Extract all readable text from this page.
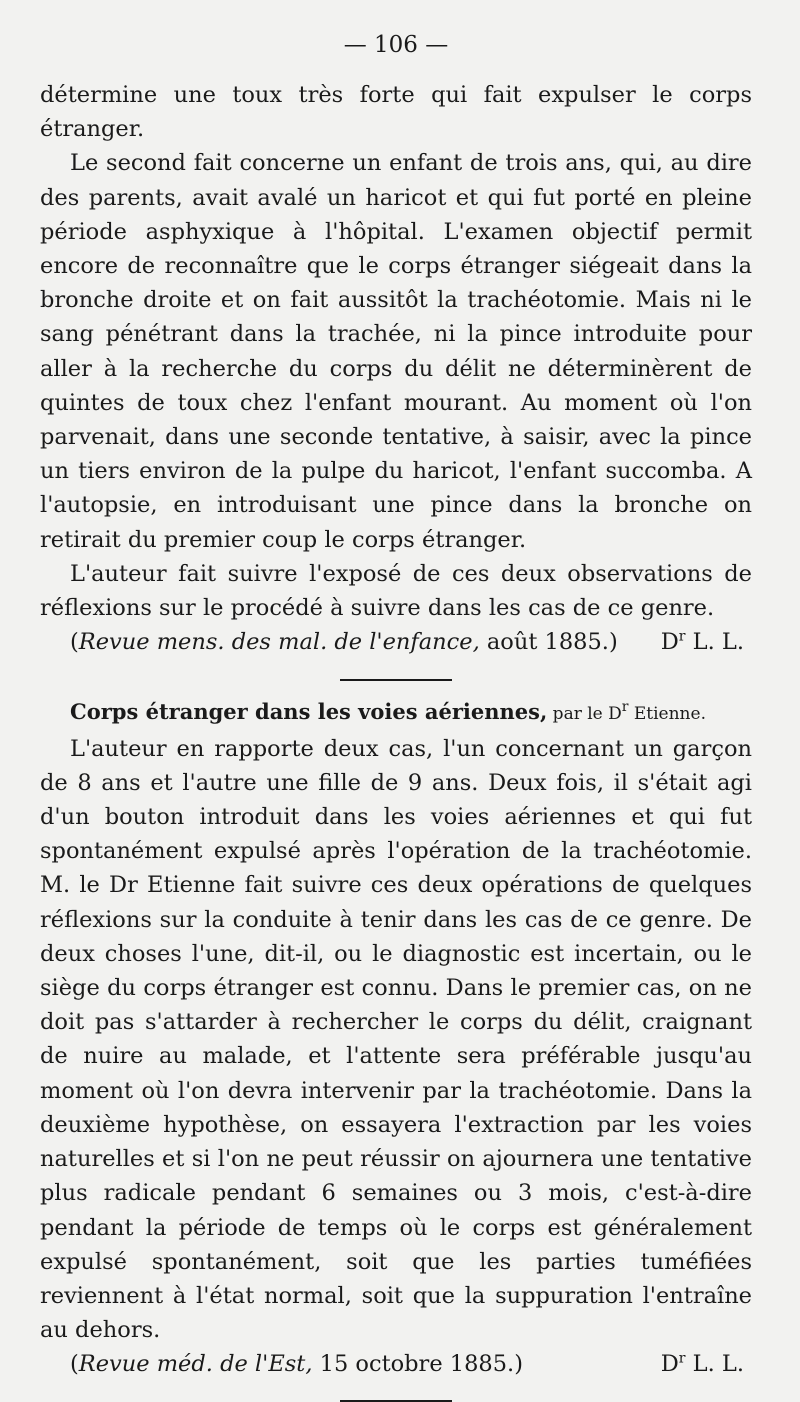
— 106 —

détermine une toux très forte qui fait expulser le corps étranger.

Le second fait concerne un enfant de trois ans, qui, au dire des parents, avait avalé un haricot et qui fut porté en pleine période asphyxique à l'hôpital. L'examen objectif permit encore de reconnaître que le corps étranger siégeait dans la bronche droite et on fait aussitôt la trachéotomie. Mais ni le sang pénétrant dans la trachée, ni la pince introduite pour aller à la recherche du corps du délit ne déterminèrent de quintes de toux chez l'enfant mourant. Au moment où l'on parvenait, dans une seconde tentative, à saisir, avec la pince un tiers environ de la pulpe du haricot, l'enfant succomba. A l'autopsie, en introduisant une pince dans la bronche on retirait du premier coup le corps étranger.

L'auteur fait suivre l'exposé de ces deux observations de réflexions sur le procédé à suivre dans les cas de ce genre.

(Revue mens. des mal. de l'enfance, août 1885.)	$D^r$ L. L.

Corps étranger dans les voies aériennes, par le $D^r$ Etienne.

L'auteur en rapporte deux cas, l'un concernant un garçon de 8 ans et l'autre une fille de 9 ans. Deux fois, il s'était agi d'un bouton introduit dans les voies aériennes et qui fut spontanément expulsé après l'opération de la trachéotomie. M. le Dr Etienne fait suivre ces deux opérations de quelques réflexions sur la conduite à tenir dans les cas de ce genre. De deux choses l'une, dit-il, ou le diagnostic est incertain, ou le siège du corps étranger est connu. Dans le premier cas, on ne doit pas s'attarder à rechercher le corps du délit, craignant de nuire au malade, et l'attente sera préférable jusqu'au moment où l'on devra intervenir par la trachéotomie. Dans la deuxième hypothèse, on essayera l'extraction par les voies naturelles et si l'on ne peut réussir on ajournera une tentative plus radicale pendant 6 semaines ou 3 mois, c'est-à-dire pendant la période de temps où le corps est généralement expulsé spontanément, soit que les parties tuméfiées reviennent à l'état normal, soit que la suppuration l'entraîne au dehors.

(Revue méd. de l'Est, 15 octobre 1885.)	$D^r$ L. L.
